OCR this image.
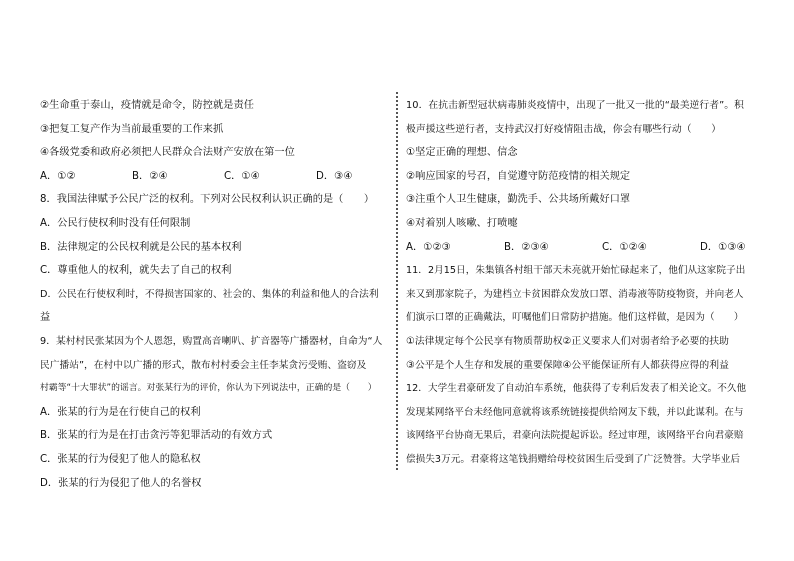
②生命重于泰山，疫情就是命令，防控就是责任
③把复工复产作为当前最重要的工作来抓
④各级党委和政府必须把人民群众合法财产安放在第一位
A．①②	B．②④	C．①④	D．③④
8．我国法律赋予公民广泛的权利。下列对公民权利认识正确的是（　　）
A．公民行使权利时没有任何限制
B．法律规定的公民权利就是公民的基本权利
C．尊重他人的权利，就失去了自己的权利
D．公民在行使权利时，不得损害国家的、社会的、集体的利益和他人的合法利
益
9．某村村民张某因为个人恩怨，购置高音喇叭、扩音器等广播器材，自命为“人
民广播站”，在村中以广播的形式，散布村村委会主任李某贪污受贿、盗窃及
村霸等“十大罪状”的谣言。对张某行为的评价，你认为下列说法中，正确的是（　　）
A．张某的行为是在行使自己的权利
B．张某的行为是在打击贪污等犯罪活动的有效方式
C．张某的行为侵犯了他人的隐私权
D．张某的行为侵犯了他人的名誉权
10．在抗击新型冠状病毒肺炎疫情中，出现了一批又一批的“最美逆行者”。积
极声援这些逆行者，支持武汉打好疫情阻击战，你会有哪些行动（　　）
①坚定正确的理想、信念
②响应国家的号召，自觉遵守防范疫情的相关规定
③注重个人卫生健康，勤洗手、公共场所戴好口罩
④对着别人咳嗽、打喷嚏
A．①②③	B．②③④	C．①②④	D．①③④
11．2月15日，朱集镇各村组干部天未亮就开始忙碌起来了，他们从这家院子出
来又到那家院子，为建档立卡贫困群众发放口罩、消毒液等防疫物资，并向老人
们演示口罩的正确戴法，叮嘱他们日常防护措施。他们这样做，是因为（　　）
①法律规定每个公民享有物质帮助权②正义要求人们对弱者给予必要的扶助
③公平是个人生存和发展的重要保障④公平能保证所有人都获得应得的利益
12．大学生君豪研发了自动泊车系统，他获得了专利后发表了相关论文。不久他
发现某网络平台未经他同意就将该系统链接提供给网友下载，并以此谋利。在与
该网络平台协商无果后，君豪向法院提起诉讼。经过审理，该网络平台向君豪赔
偿损失3万元。君豪将这笔钱捐赠给母校贫困生后受到了广泛赞誉。大学毕业后
